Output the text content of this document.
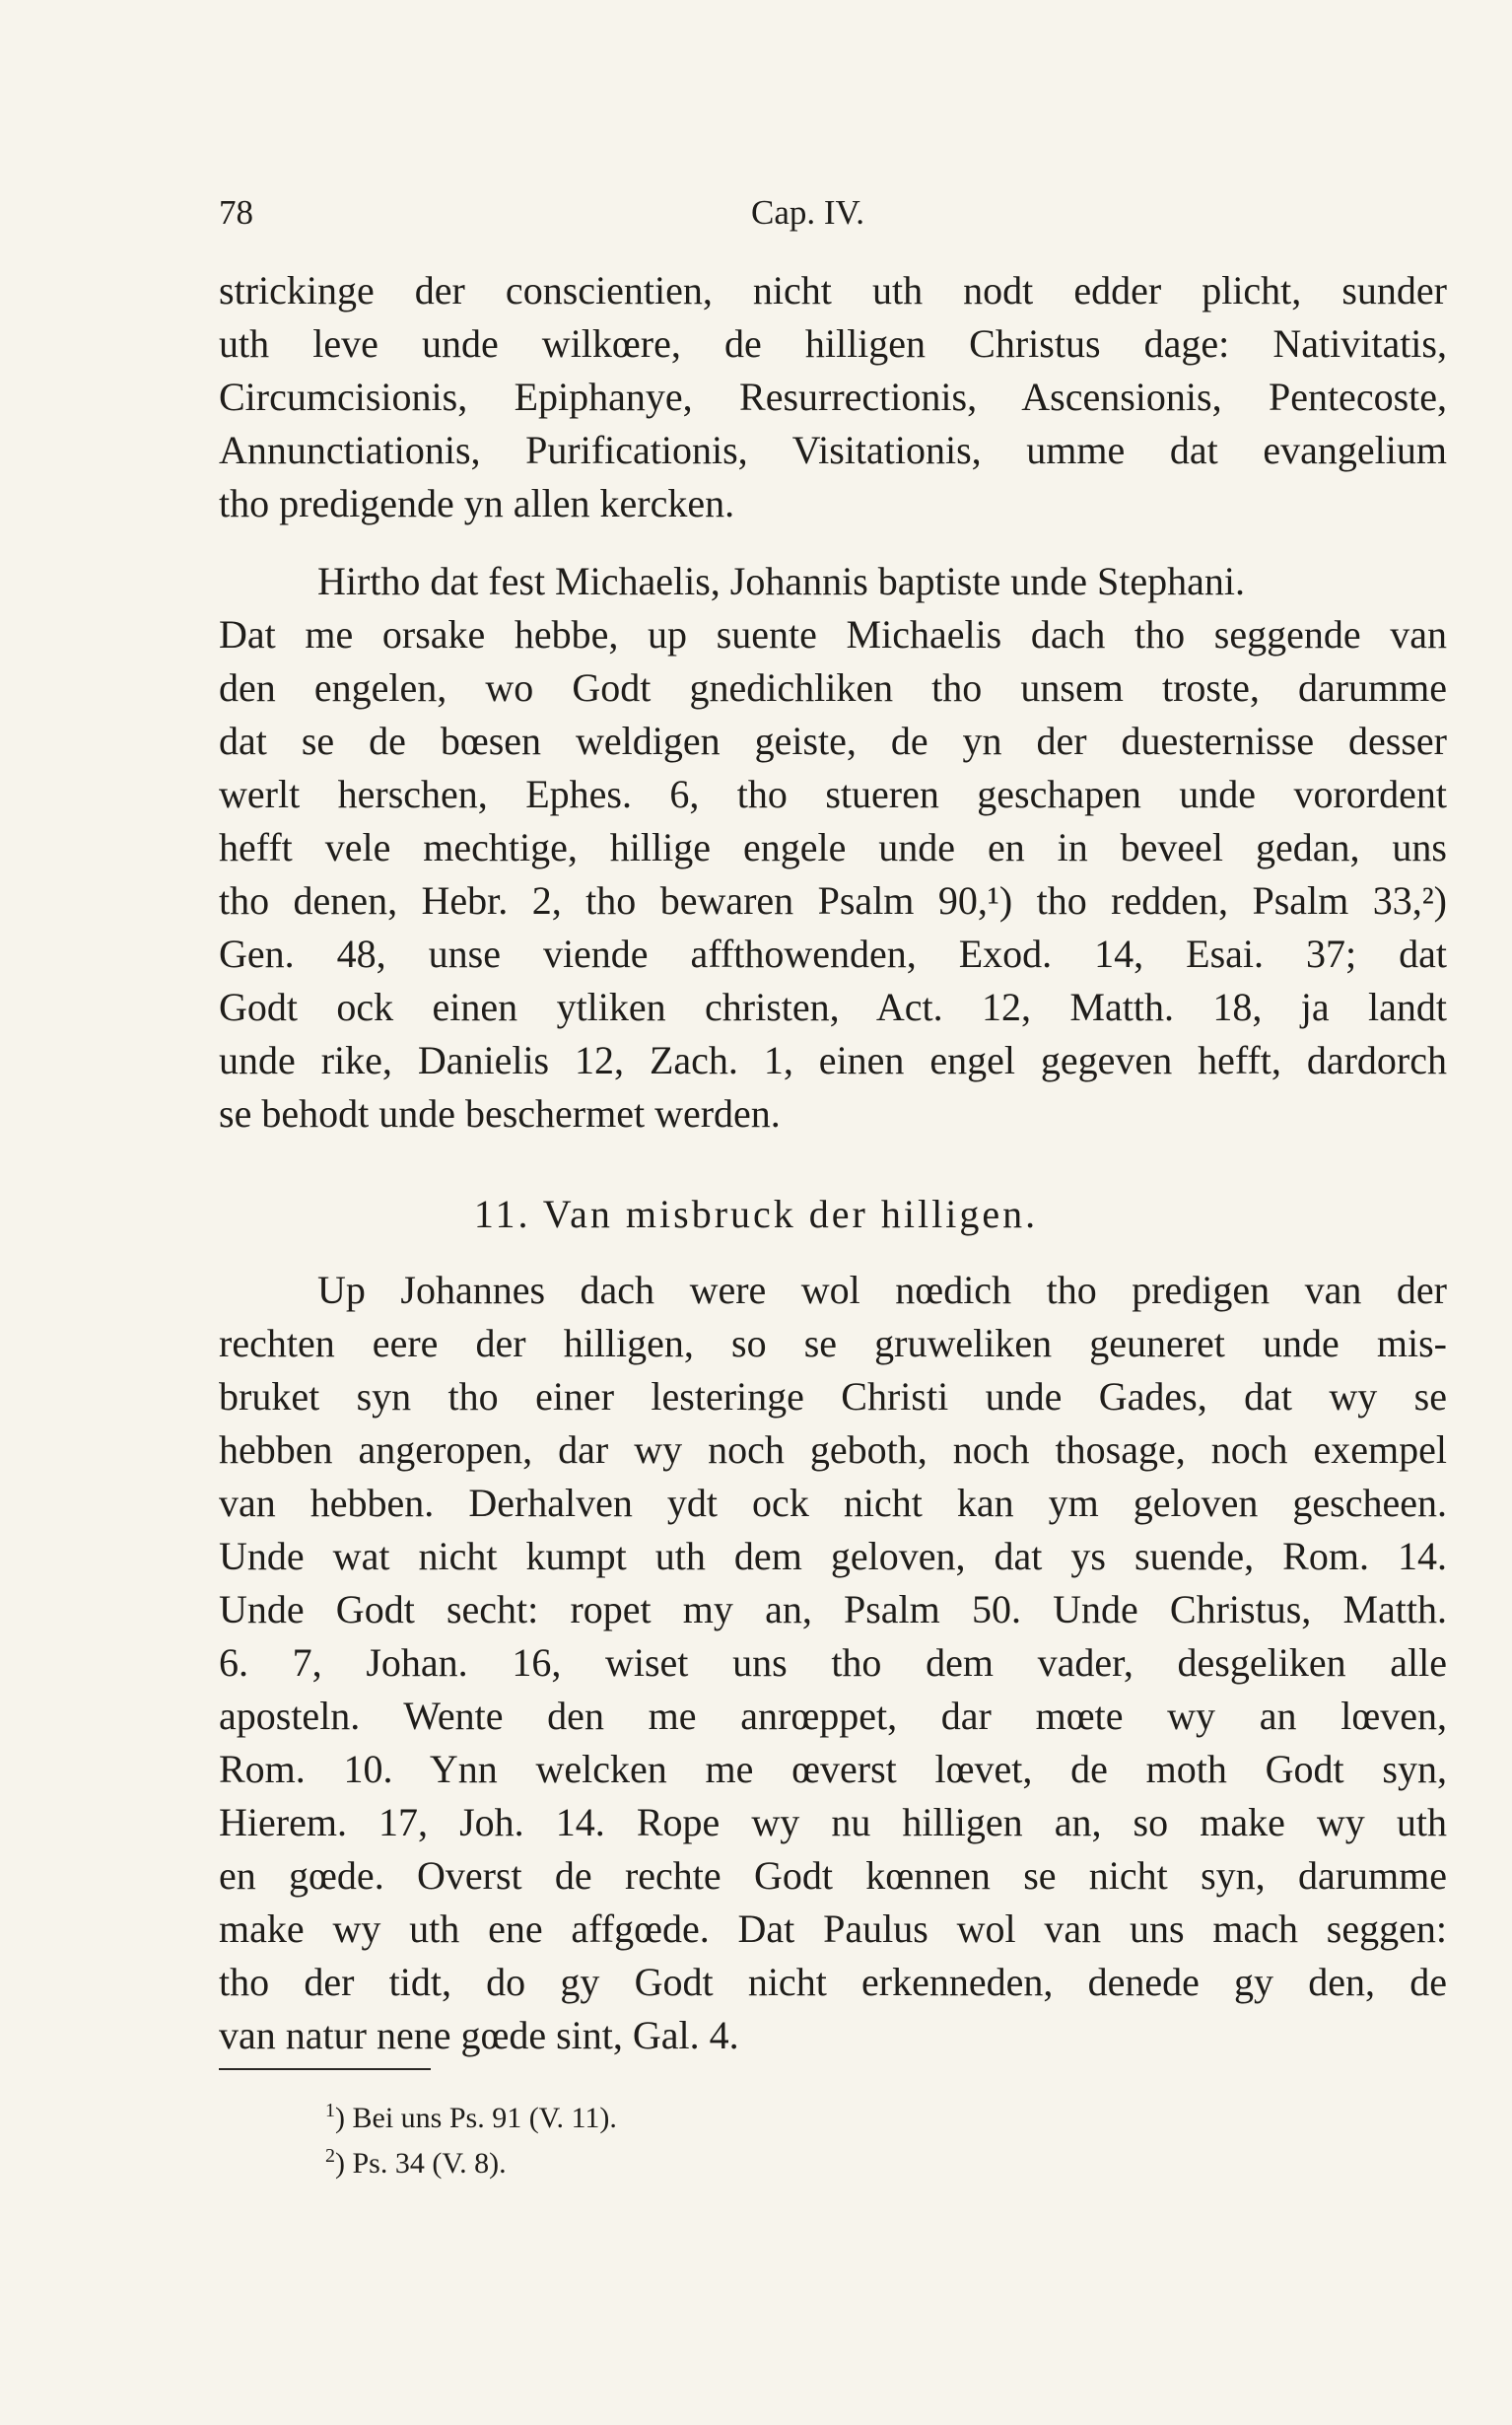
78	Cap. IV.
strickinge der conscientien, nicht uth nodt edder plicht, sunder
uth leve unde wilkœre, de hilligen Christus dage: Nativitatis,
Circumcisionis, Epiphanye, Resurrectionis, Ascensionis, Pentecoste,
Annunctiationis, Purificationis, Visitationis, umme dat evangelium
tho predigende yn allen kercken.
Hirtho dat fest Michaelis, Johannis baptiste unde Stephani.
Dat me orsake hebbe, up suente Michaelis dach tho seggende van
den engelen, wo Godt gnedichliken tho unsem troste, darumme
dat se de bœsen weldigen geiste, de yn der duesternisse desser
werlt herschen, Ephes. 6, tho stueren geschapen unde vorordent
hefft vele mechtige, hillige engele unde en in beveel gedan, uns
tho denen, Hebr. 2, tho bewaren Psalm 90,¹) tho redden, Psalm 33,²)
Gen. 48, unse viende affthowenden, Exod. 14, Esai. 37; dat
Godt ock einen ytliken christen, Act. 12, Matth. 18, ja landt
unde rike, Danielis 12, Zach. 1, einen engel gegeven hefft, dardorch
se behodt unde beschermet werden.
11. Van misbruck der hilligen.
Up Johannes dach were wol nœdich tho predigen van der
rechten eere der hilligen, so se gruweliken geuneret unde mis-
bruket syn tho einer lesteringe Christi unde Gades, dat wy se
hebben angeropen, dar wy noch geboth, noch thosage, noch exempel
van hebben. Derhalven ydt ock nicht kan ym geloven gescheen.
Unde wat nicht kumpt uth dem geloven, dat ys suende, Rom. 14.
Unde Godt secht: ropet my an, Psalm 50. Unde Christus, Matth.
6. 7, Johan. 16, wiset uns tho dem vader, desgeliken alle
aposteln. Wente den me anrœppet, dar mœte wy an lœven,
Rom. 10. Ynn welcken me œverst lœvet, de moth Godt syn,
Hierem. 17, Joh. 14. Rope wy nu hilligen an, so make wy uth
en gœde. Overst de rechte Godt kœnnen se nicht syn, darumme
make wy uth ene affgœde. Dat Paulus wol van uns mach seggen:
tho der tidt, do gy Godt nicht erkenneden, denede gy den, de
van natur nene gœde sint, Gal. 4.
$^1$) Bei uns Ps. 91 (V. 11).
$^2$) Ps. 34 (V. 8).
